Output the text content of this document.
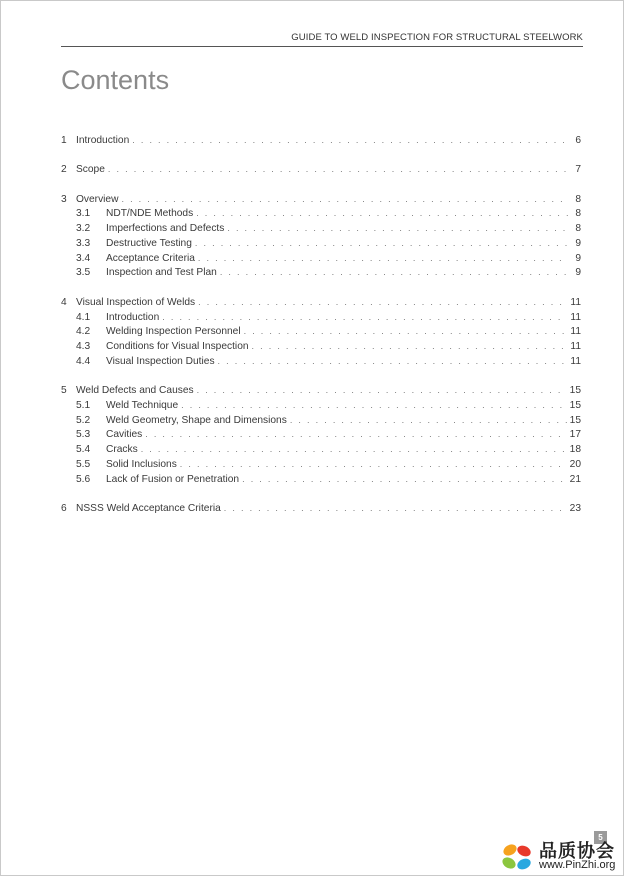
GUIDE TO WELD INSPECTION FOR STRUCTURAL STEELWORK
Contents
1 Introduction . . .	6
2 Scope . . .	7
3 Overview . . .	8
3.1	NDT/NDE Methods . . .	8
3.2	Imperfections and Defects . . .	8
3.3	Destructive Testing . . .	9
3.4	Acceptance Criteria . . .	9
3.5	Inspection and Test Plan . . .	9
4 Visual Inspection of Welds . . .	11
4.1	Introduction . . .	11
4.2	Welding Inspection Personnel . . .	11
4.3	Conditions for Visual Inspection . . .	11
4.4	Visual Inspection Duties . . .	11
5 Weld Defects and Causes . . .	15
5.1	Weld Technique . . .	15
5.2	Weld Geometry, Shape and Dimensions . . .	15
5.3	Cavities . . .	17
5.4	Cracks . . .	18
5.5	Solid Inclusions . . .	20
5.6	Lack of Fusion or Penetration . . .	21
6 NSSS Weld Acceptance Criteria . . .	23
5
品质协会
www.PinZhi.org
